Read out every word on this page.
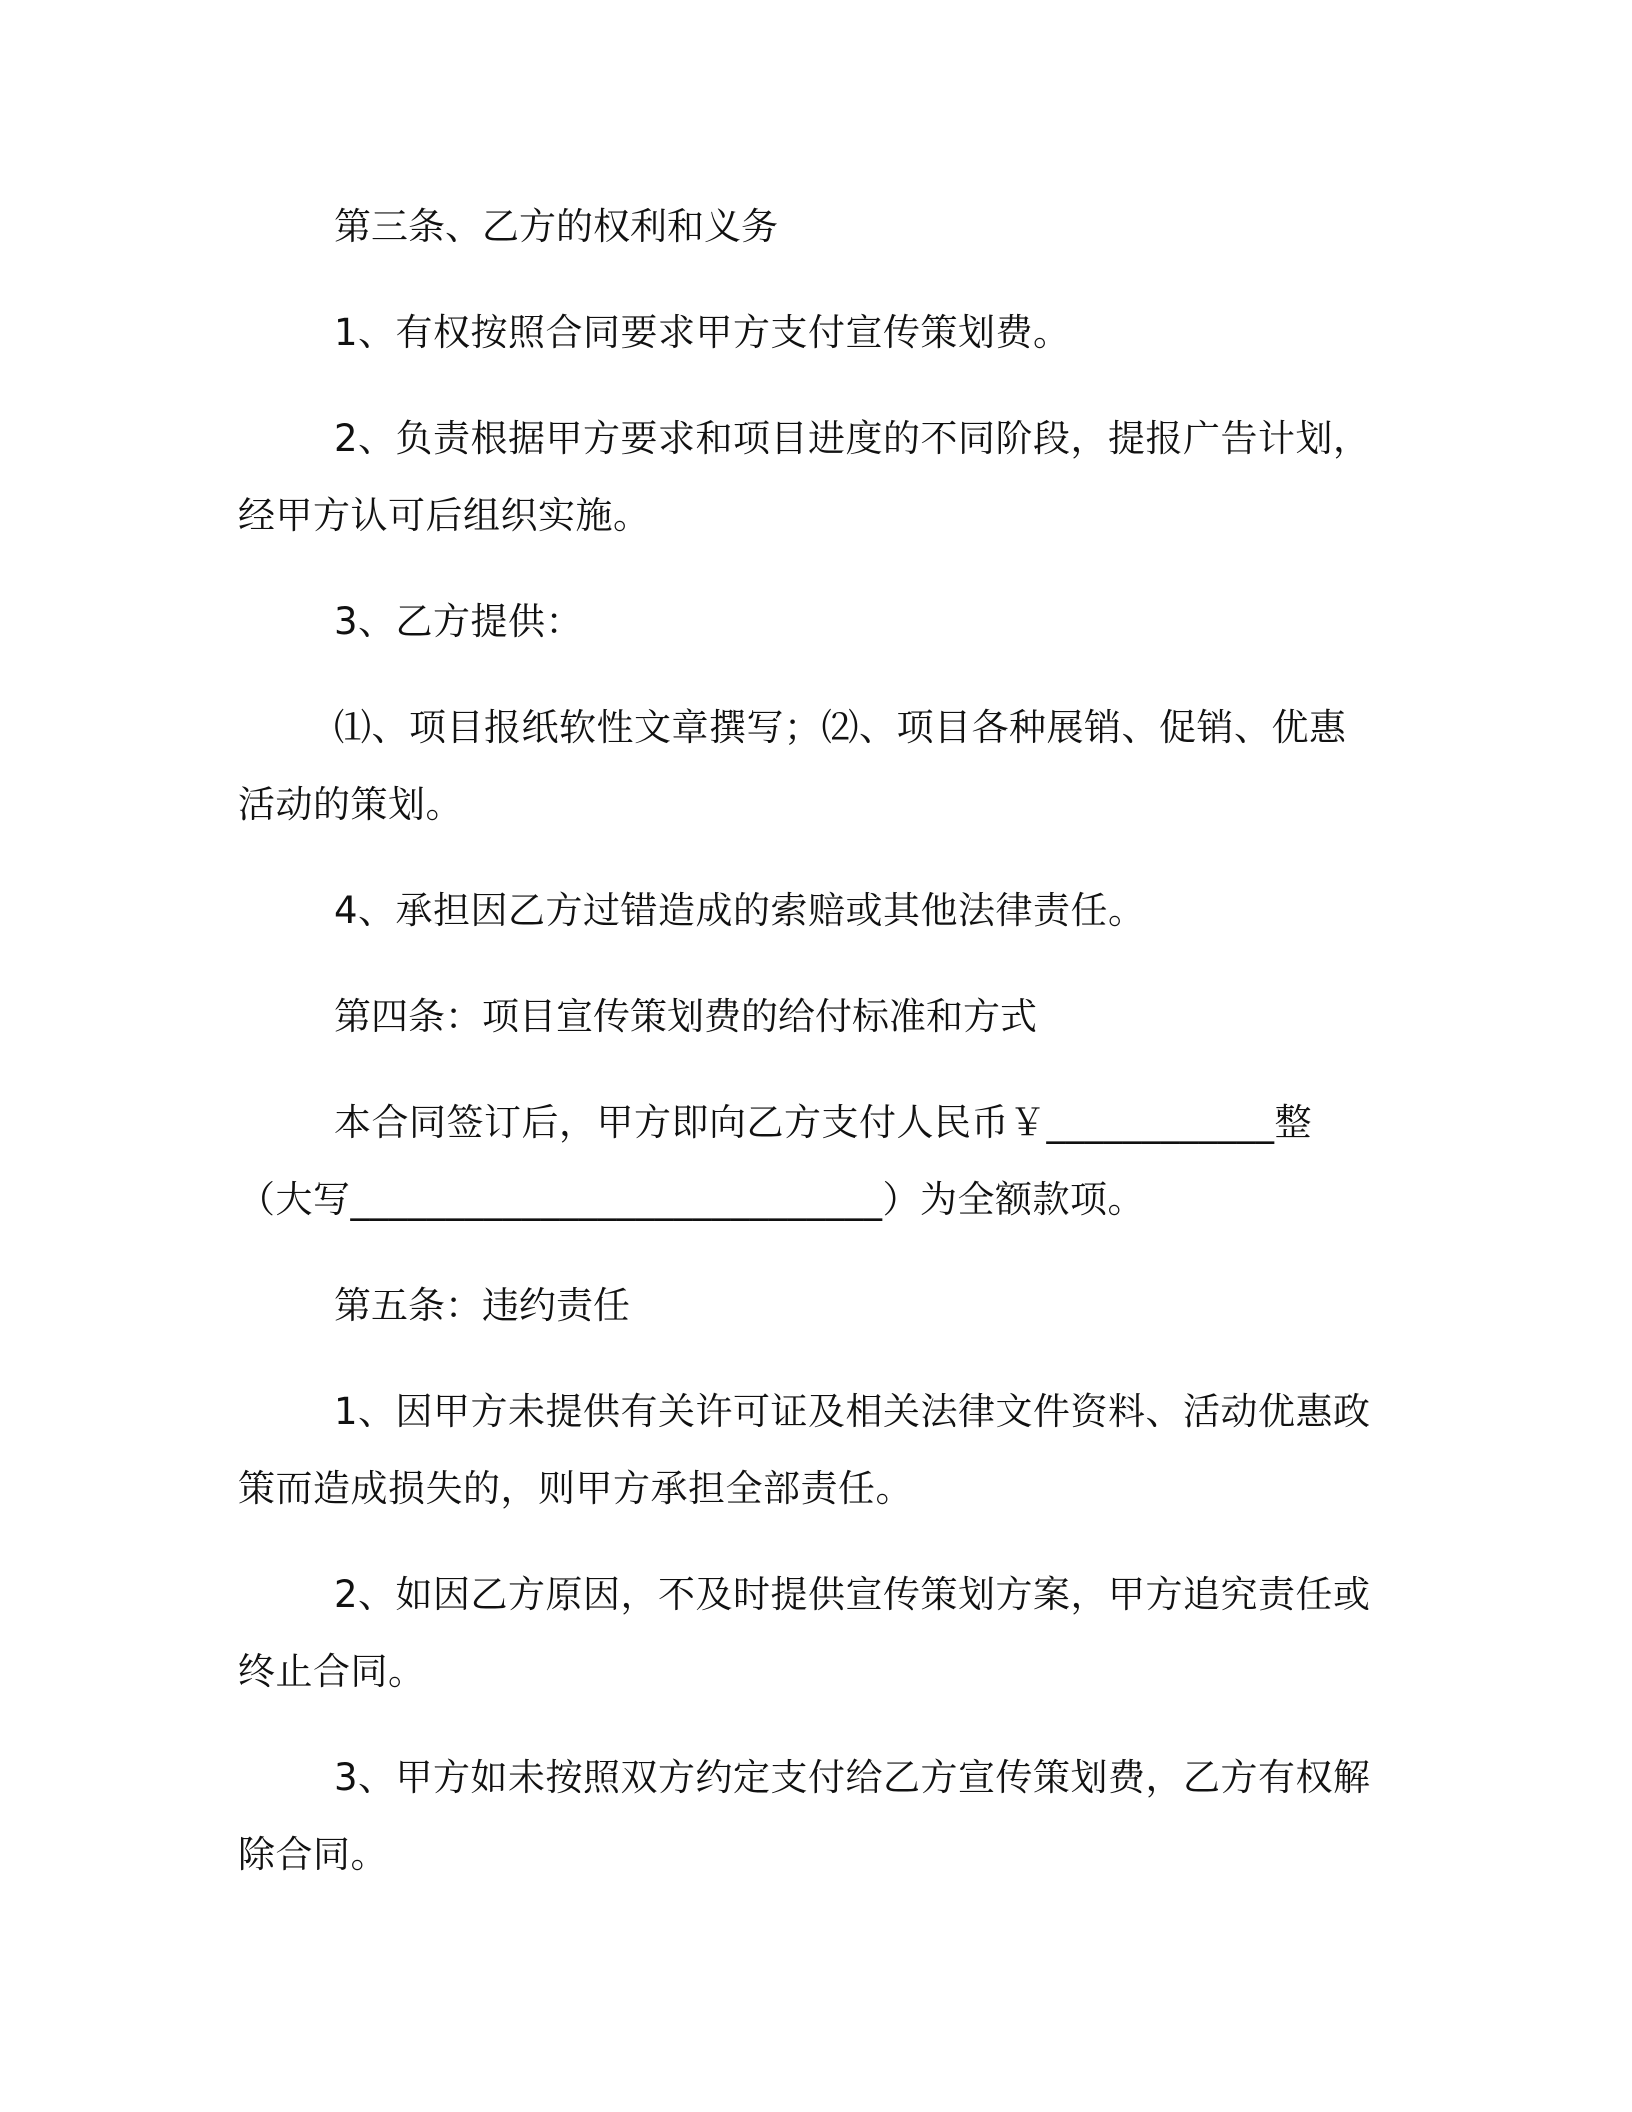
第三条、乙方的权利和义务

1、有权按照合同要求甲方支付宣传策划费。

2、负责根据甲方要求和项目进度的不同阶段，提报广告计划，经甲方认可后组织实施。

3、乙方提供：

⑴、项目报纸软性文章撰写；⑵、项目各种展销、促销、优惠活动的策划。

4、承担因乙方过错造成的索赔或其他法律责任。

第四条：项目宣传策划费的给付标准和方式

本合同签订后，甲方即向乙方支付人民币￥____________整（大写____________________________）为全额款项。

第五条：违约责任

1、因甲方未提供有关许可证及相关法律文件资料、活动优惠政策而造成损失的，则甲方承担全部责任。

2、如因乙方原因，不及时提供宣传策划方案，甲方追究责任或终止合同。

3、甲方如未按照双方约定支付给乙方宣传策划费，乙方有权解除合同。
